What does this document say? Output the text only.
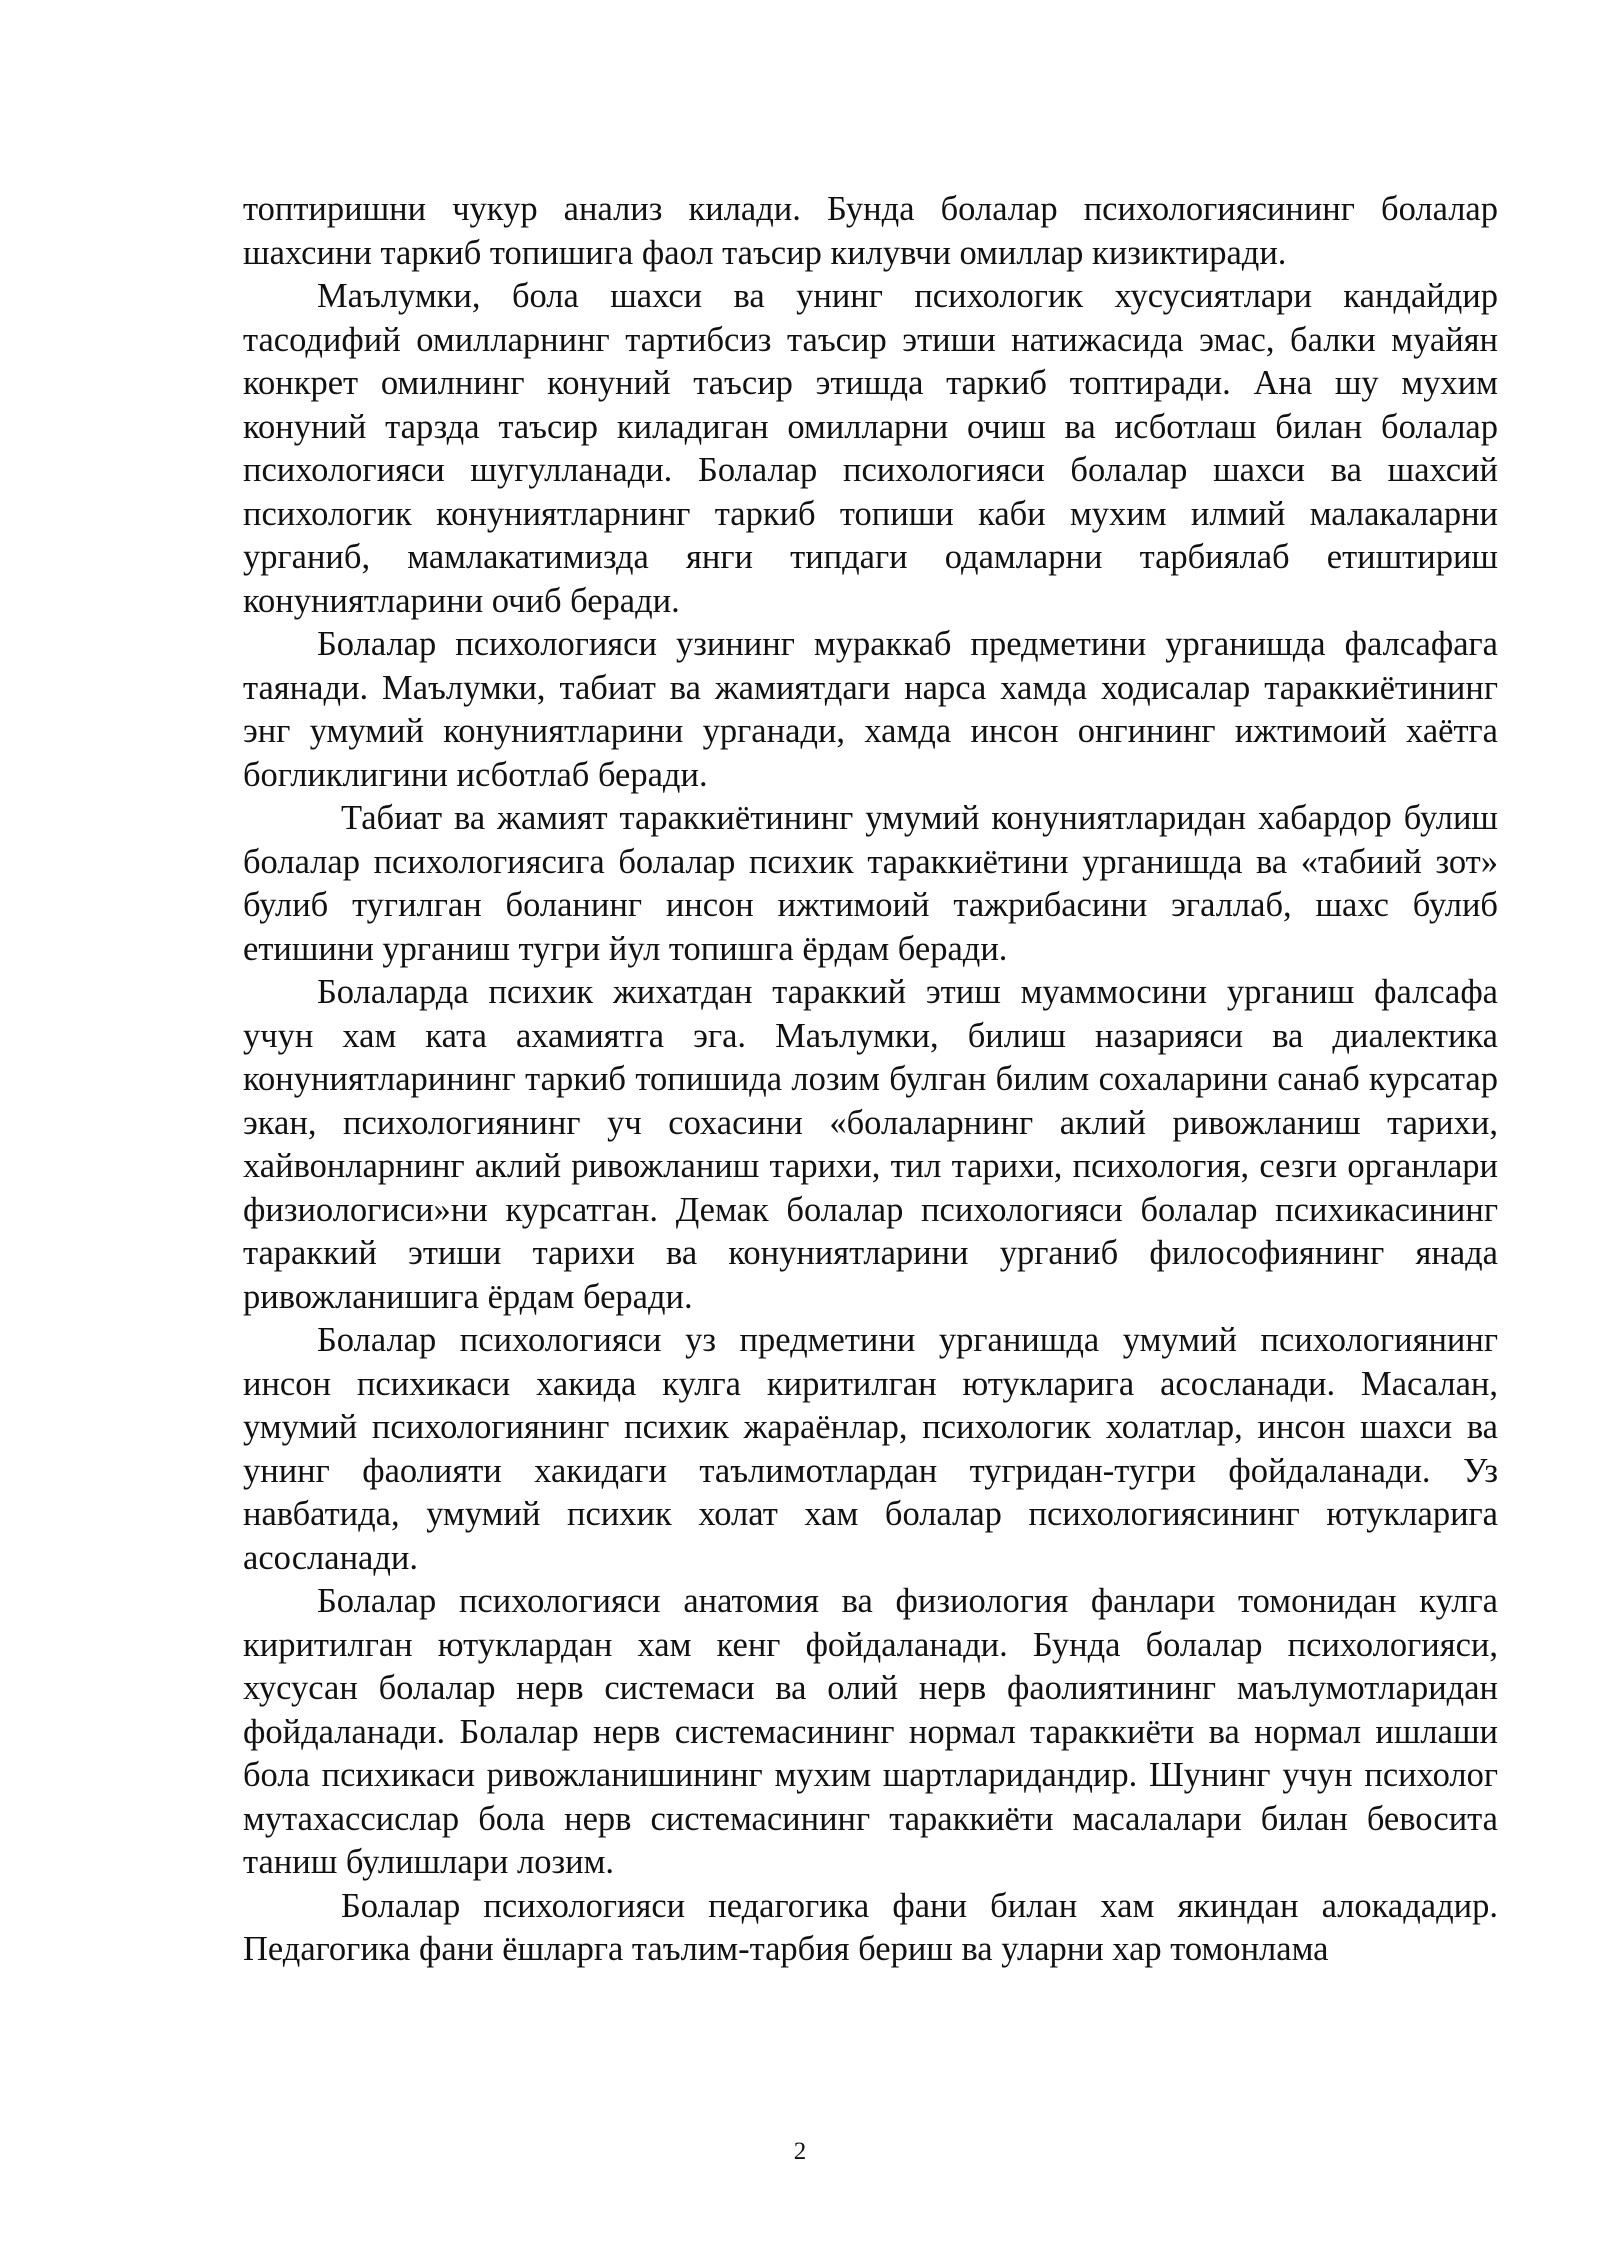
топтиришни чукур анализ килади. Бунда болалар психологиясининг болалар шахсини таркиб топишига фаол таъсир килувчи омиллар кизиктиради.

Маълумки, бола шахси ва унинг психологик хусусиятлари кандайдир тасодифий омилларнинг тартибсиз таъсир этиши натижасида эмас, балки муайян конкрет омилнинг конуний таъсир этишда таркиб топтиради. Ана шу мухим конуний тарзда таъсир киладиган омилларни очиш ва исботлаш билан болалар психологияси шугулланади. Болалар психологияси болалар шахси ва шахсий психологик конуниятларнинг таркиб топиши каби мухим илмий малакаларни урганиб, мамлакатимизда янги типдаги одамларни тарбиялаб етиштириш конуниятларини очиб беради.

Болалар психологияси узининг мураккаб предметини урганишда фалсафага таянади. Маълумки, табиат ва жамиятдаги нарса хамда ходисалар тараккиётининг энг умумий конуниятларини урганади, хамда инсон онгининг ижтимоий хаётга богликлигини исботлаб беради.

Табиат ва жамият тараккиётининг умумий конуниятларидан хабардор булиш болалар психологиясига болалар психик тараккиётини урганишда ва «табиий зот» булиб тугилган боланинг инсон ижтимоий тажрибасини эгаллаб, шахс булиб етишини урганиш тугри йул топишга ёрдам беради.

Болаларда психик жихатдан тараккий этиш муаммосини урганиш фалсафа учун хам ката ахамиятга эга. Маълумки, билиш назарияси ва диалектика конуниятларининг таркиб топишида лозим булган билим сохаларини санаб курсатар экан, психологиянинг уч сохасини «болаларнинг аклий ривожланиш тарихи, хайвонларнинг аклий ривожланиш тарихи, тил тарихи, психология, сезги органлари физиологиси»ни курсатган. Демак болалар психологияси болалар психикасининг тараккий этиши тарихи ва конуниятларини урганиб философиянинг янада ривожланишига ёрдам беради.

Болалар психологияси уз предметини урганишда умумий психологиянинг инсон психикаси хакида кулга киритилган ютукларига асосланади. Масалан, умумий психологиянинг психик жараёнлар, психологик холатлар, инсон шахси ва унинг фаолияти хакидаги таълимотлардан тугридан-тугри фойдаланади. Уз навбатида, умумий психик холат хам болалар психологиясининг ютукларига асосланади.

Болалар психологияси анатомия ва физиология фанлари томонидан кулга киритилган ютуклардан хам кенг фойдаланади. Бунда болалар психологияси, хусусан болалар нерв системаси ва олий нерв фаолиятининг маълумотларидан фойдаланади. Болалар нерв системасининг нормал тараккиёти ва нормал ишлаши бола психикаси ривожланишининг мухим шартларидандир. Шунинг учун психолог мутахассислар бола нерв системасининг тараккиёти масалалари билан бевосита таниш булишлари лозим.

Болалар психологияси педагогика фани билан хам якиндан алокададир. Педагогика фани ёшларга таълим-тарбия бериш ва уларни хар томонлама

2
